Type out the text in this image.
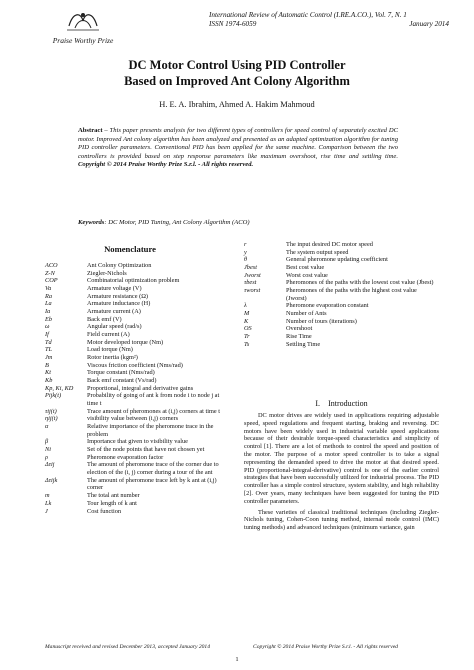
Praise Worthy Prize
International Review of Automatic Control (I.RE.A.CO.), Vol. 7, N. 1
ISSN 1974-6059	January 2014
DC Motor Control Using PID Controller
Based on Improved Ant Colony Algorithm
H. E. A. Ibrahim, Ahmed A. Hakim Mahmoud
Abstract – This paper presents analysis for two different types of controllers for speed control of separately excited DC motor. Improved Ant colony algorithm has been analyzed and presented as an adapted optimization algorithm for tuning PID controller parameters. Conventional PID has been applied for the same machine. Comparison between the two controllers is provided based on step response parameters like maximum overshoot, rise time and settling time. Copyright © 2014 Praise Worthy Prize S.r.l. - All rights reserved.
Keywords: DC Motor, PID Tuning, Ant Colony Algorithm (ACO)
Nomenclature
ACO	Ant Colony Optimization
Z-N	Ziegler-Nichols
COP	Combinatorial optimization problem
Va	Armature voltage (V)
Ra	Armature resistance (Ω)
La	Armature inductance (H)
Ia	Armature current (A)
Eb	Back emf (V)
ω	Angular speed (rad/s)
If	Field current (A)
Td	Motor developed torque (Nm)
TL	Load torque (Nm)
Jm	Rotor inertia (kgm²)
B	Viscous friction coefficient (Nms/rad)
Kt	Torque constant (Nms/rad)
Kb	Back emf constant (Vs/rad)
Kp, Ki, KD	Proportional, integral and derivative gains
Pijk(t)	Probability of going of ant k from node i to node j at time t
τij(t)	Trace amount of pheromones at (i,j) corners at time t
ηij(t)	visibility value between (i,j) corners
α	Relative importance of the pheromone trace in the problem
β	Importance that given to visibility value
Ni	Set of the node points that have not chosen yet
ρ	Pheromone evaporation factor
Δτij	The amount of pheromone trace of the corner due to election of the (i, j) corner during a tour of the ant
Δτijk	The amount of pheromone trace left by k ant at (i,j) corner
m	The total ant number
Lk	Tour length of k ant
J	Cost function
r	The input desired DC motor speed
y	The system output speed
θ	General pheromone updating coefficient
Jbest	Best cost value
Jworst	Worst cost value
τbest	Pheromones of the paths with the lowest cost value (Jbest)
τworst	Pheromones of the paths with the highest cost value (Jworst)
λ	Pheromone evaporation constant
M	Number of Ants
K	Number of tours (iterations)
OS	Overshoot
Tr	Rise Time
Ts	Settling Time
I. Introduction

DC motor drives are widely used in applications requiring adjustable speed, speed regulations and frequent starting, braking and reversing. DC motors have been widely used in industrial variable speed applications because of their desirable torque-speed characteristics and simplicity of control [1]. There are a lot of methods to control the speed and position of the motor. The purpose of a motor speed controller is to take a signal representing the demanded speed to drive the motor at that desired speed. PID (proportional-integral-derivative) control is one of the earlier control strategies that have been successfully utilized for industrial process. The PID controller has a simple control structure, system stability, and high reliability [2]. Over years, many techniques have been suggested for tuning the PID controller parameters.

These varieties of classical traditional techniques (including Ziegler-Nichols tuning, Cohen-Coon tuning method, internal mode control (IMC) tuning methods) and advanced techniques (minimum variance, gain

Manuscript received and revised December 2013, accepted January 2014	Copyright © 2014 Praise Worthy Prize S.r.l. - All rights reserved
1
